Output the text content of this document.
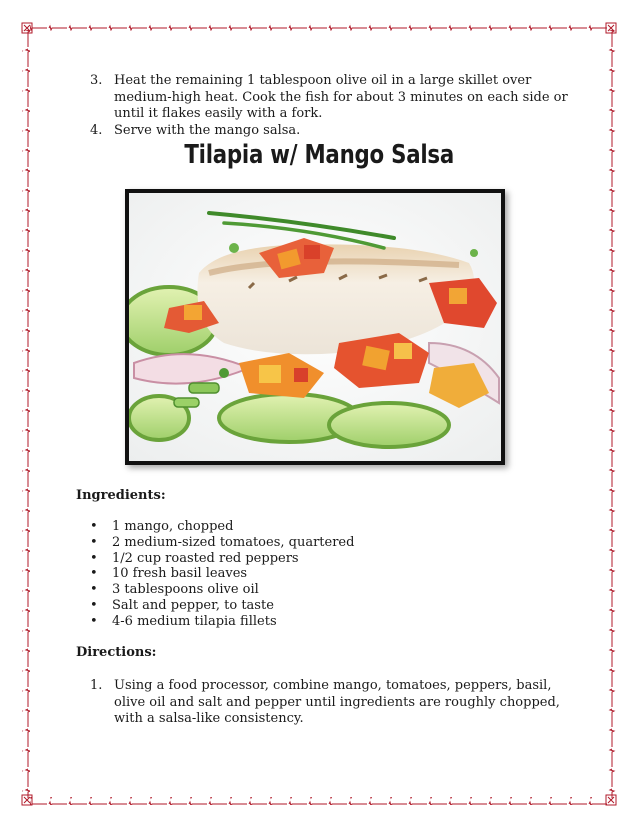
3. Heat the remaining 1 tablespoon olive oil in a large skillet over medium-high heat. Cook the fish for about 3 minutes on each side or until it flakes easily with a fork.
4. Serve with the mango salsa.
Tilapia w/ Mango Salsa
Ingredients:
• 1 mango, chopped
• 2 medium-sized tomatoes, quartered
• 1/2 cup roasted red peppers
• 10 fresh basil leaves
• 3 tablespoons olive oil
• Salt and pepper, to taste
• 4-6 medium tilapia fillets
Directions:
1. Using a food processor, combine mango, tomatoes, peppers, basil, olive oil and salt and pepper until ingredients are roughly chopped, with a salsa-like consistency.
